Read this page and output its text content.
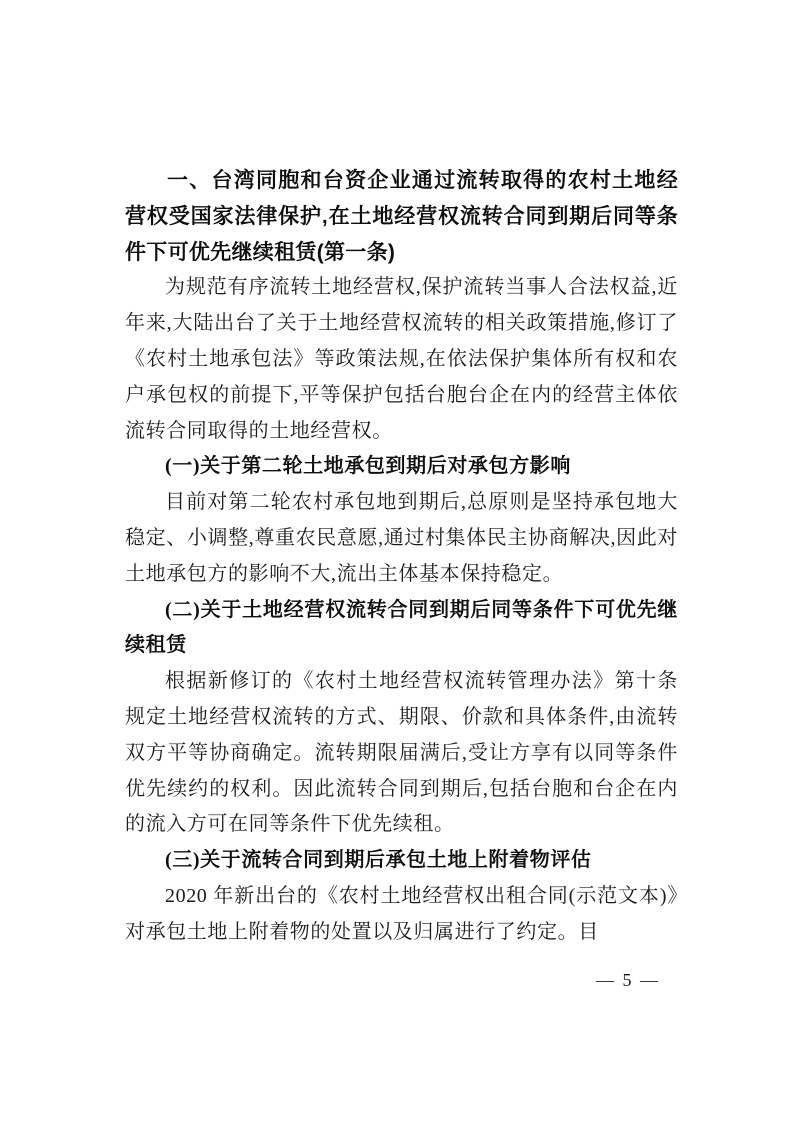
一、台湾同胞和台资企业通过流转取得的农村土地经营权受国家法律保护,在土地经营权流转合同到期后同等条件下可优先继续租赁(第一条)

为规范有序流转土地经营权,保护流转当事人合法权益,近年来,大陆出台了关于土地经营权流转的相关政策措施,修订了《农村土地承包法》等政策法规,在依法保护集体所有权和农户承包权的前提下,平等保护包括台胞台企在内的经营主体依流转合同取得的土地经营权。

(一)关于第二轮土地承包到期后对承包方影响

目前对第二轮农村承包地到期后,总原则是坚持承包地大稳定、小调整,尊重农民意愿,通过村集体民主协商解决,因此对土地承包方的影响不大,流出主体基本保持稳定。

(二)关于土地经营权流转合同到期后同等条件下可优先继续租赁

根据新修订的《农村土地经营权流转管理办法》第十条规定土地经营权流转的方式、期限、价款和具体条件,由流转双方平等协商确定。流转期限届满后,受让方享有以同等条件优先续约的权利。因此流转合同到期后,包括台胞和台企在内的流入方可在同等条件下优先续租。

(三)关于流转合同到期后承包土地上附着物评估

2020 年新出台的《农村土地经营权出租合同(示范文本)》对承包土地上附着物的处置以及归属进行了约定。目

— 5 —
